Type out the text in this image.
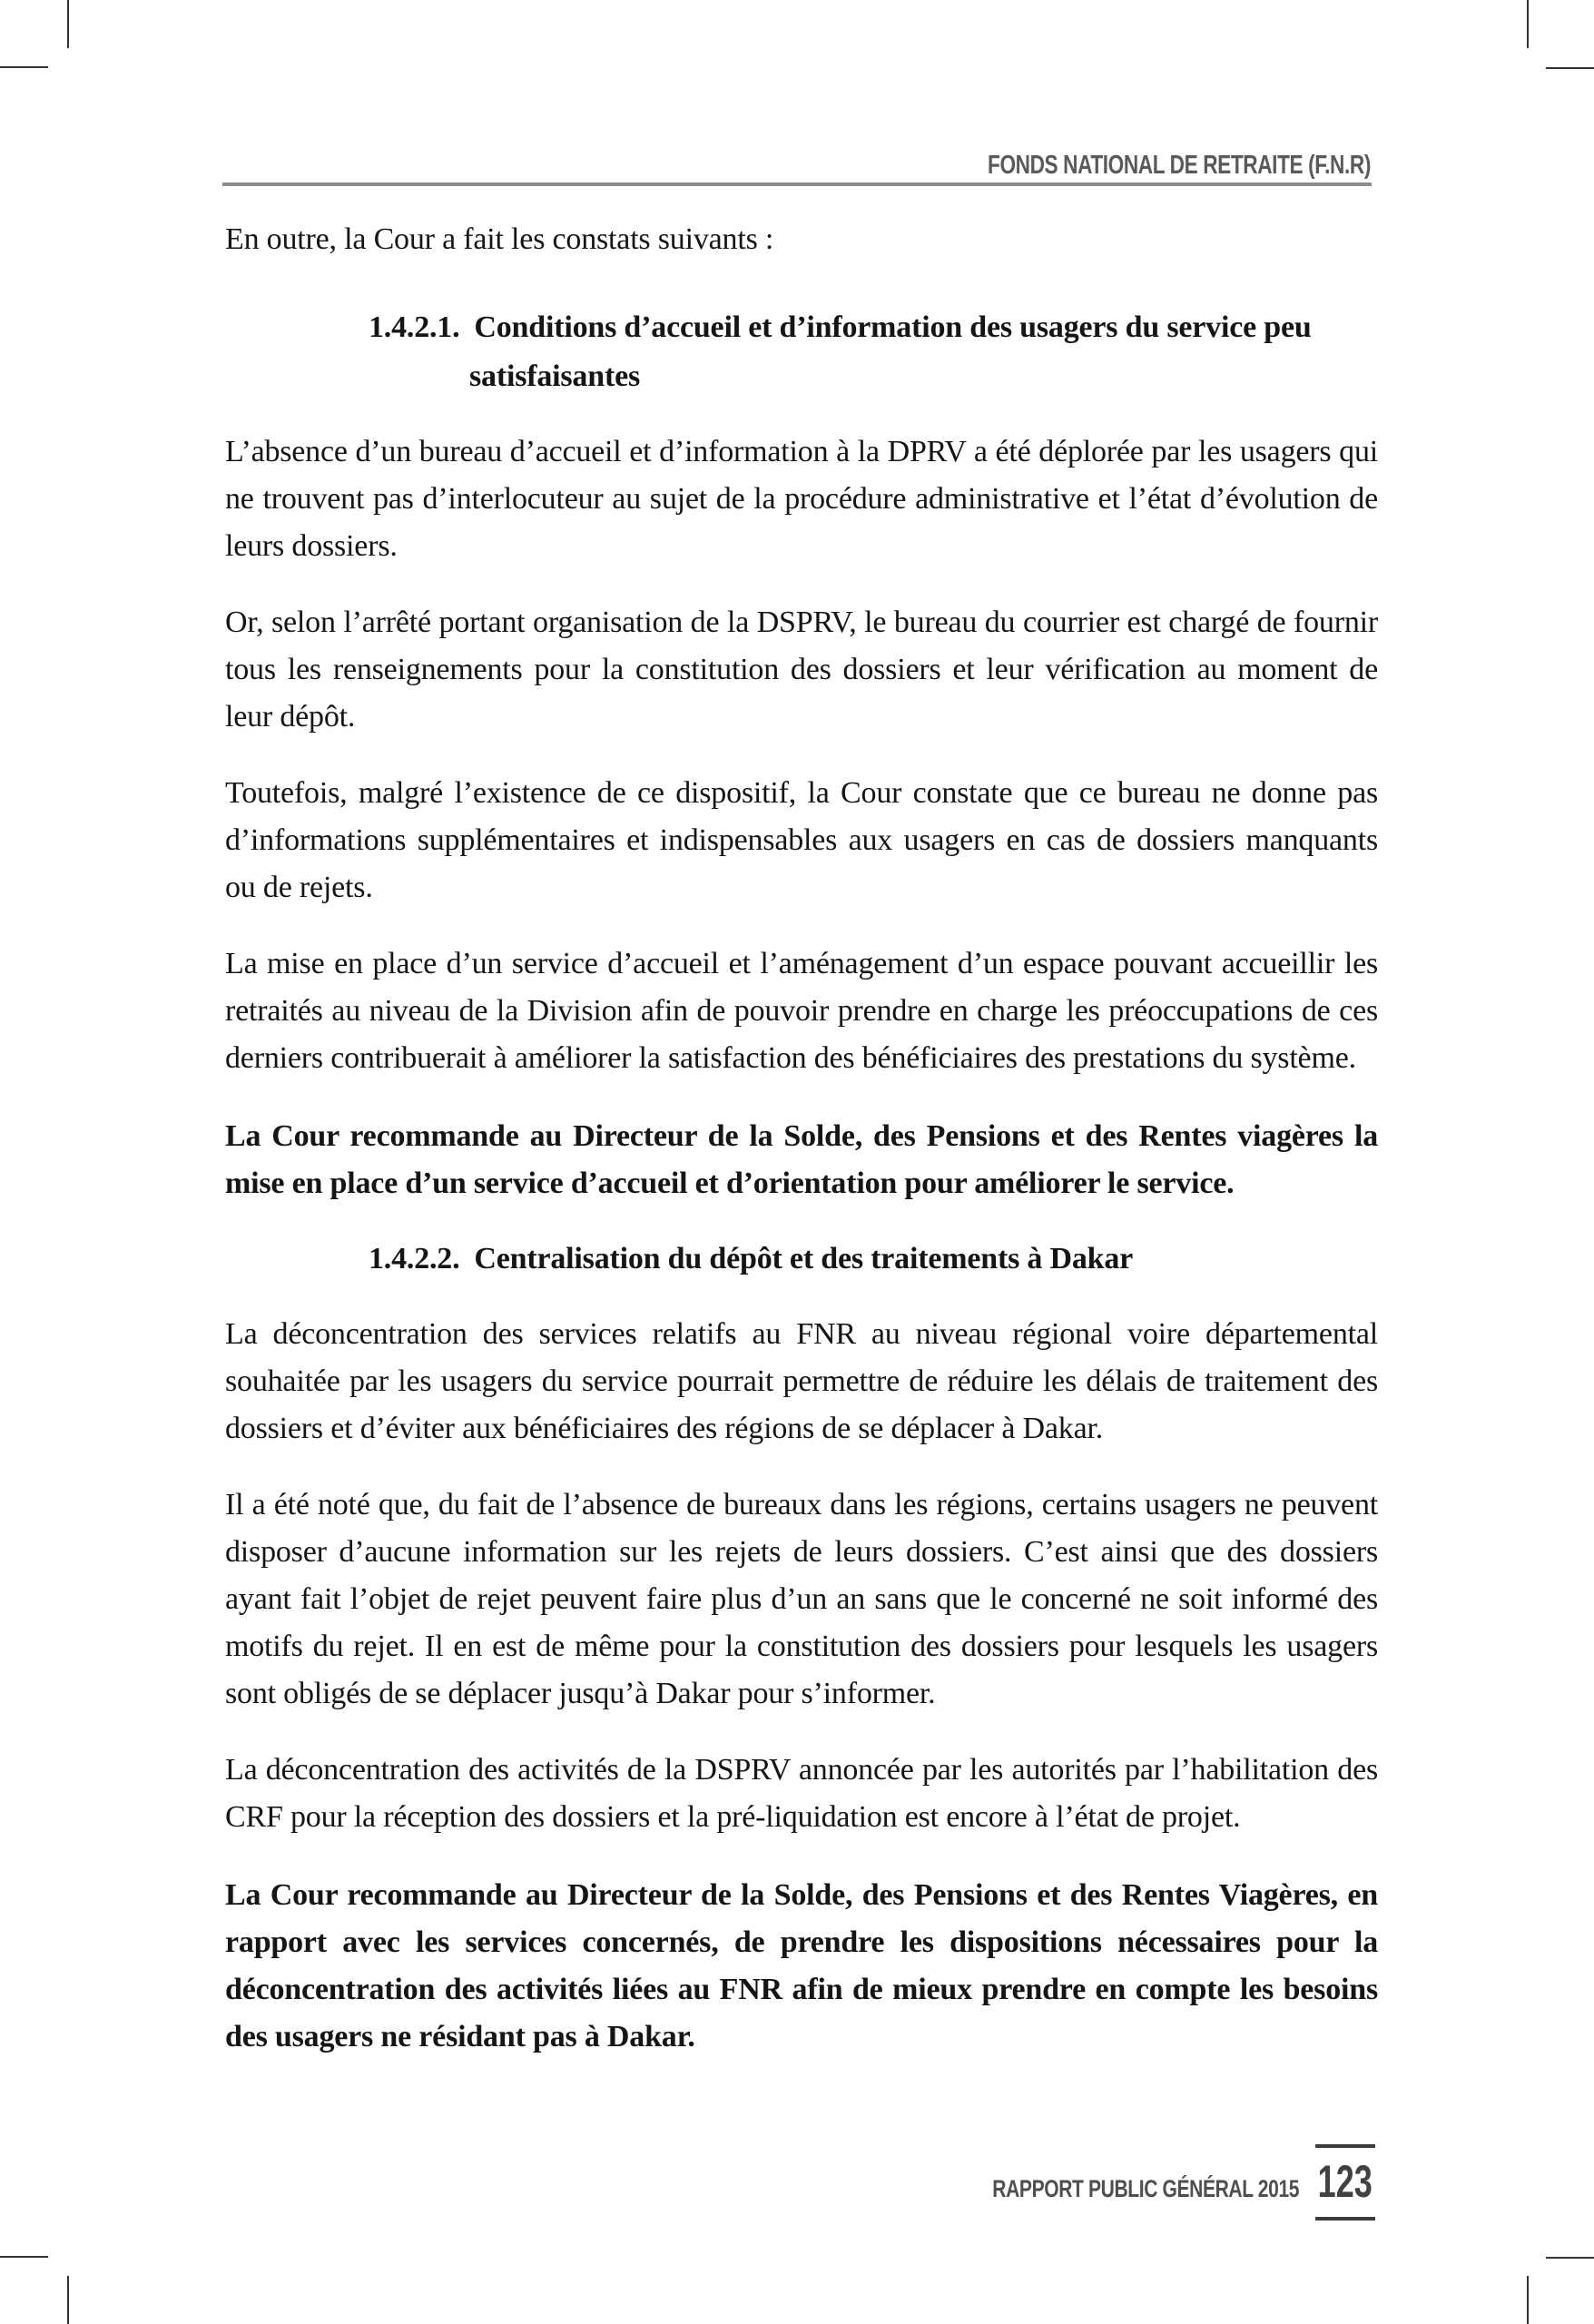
FONDS NATIONAL DE RETRAITE (F.N.R)

En outre, la Cour a fait les constats suivants :

1.4.2.1. Conditions d’accueil et d’information des usagers du service peu satisfaisantes

L’absence d’un bureau d’accueil et d’information à la DPRV a été déplorée par les usagers qui ne trouvent pas d’interlocuteur au sujet de la procédure administrative et l’état d’évolution de leurs dossiers.

Or, selon l’arrêté portant organisation de la DSPRV, le bureau du courrier est chargé de fournir tous les renseignements pour la constitution des dossiers et leur vérification au moment de leur dépôt.

Toutefois, malgré l’existence de ce dispositif, la Cour constate que ce bureau ne donne pas d’informations supplémentaires et indispensables aux usagers en cas de dossiers manquants ou de rejets.

La mise en place d’un service d’accueil et l’aménagement d’un espace pouvant accueillir les retraités au niveau de la Division afin de pouvoir prendre en charge les préoccupations de ces derniers contribuerait à améliorer la satisfaction des bénéficiaires des prestations du système.

La Cour recommande au Directeur de la Solde, des Pensions et des Rentes viagères la mise en place d’un service d’accueil et d’orientation pour améliorer le service.

1.4.2.2. Centralisation du dépôt et des traitements à Dakar

La déconcentration des services relatifs au FNR au niveau régional voire départemental souhaitée par les usagers du service pourrait permettre de réduire les délais de traitement des dossiers et d’éviter aux bénéficiaires des régions de se déplacer à Dakar.

Il a été noté que, du fait de l’absence de bureaux dans les régions, certains usagers ne peuvent disposer d’aucune information sur les rejets de leurs dossiers. C’est ainsi que des dossiers ayant fait l’objet de rejet peuvent faire plus d’un an sans que le concerné ne soit informé des motifs du rejet. Il en est de même pour la constitution des dossiers pour lesquels les usagers sont obligés de se déplacer jusqu’à Dakar pour s’informer.

La déconcentration des activités de la DSPRV annoncée par les autorités par l’habilitation des CRF pour la réception des dossiers et la pré-liquidation est encore à l’état de projet.

La Cour recommande au Directeur de la Solde, des Pensions et des Rentes Viagères, en rapport avec les services concernés, de prendre les dispositions nécessaires pour la déconcentration des activités liées au FNR afin de mieux prendre en compte les besoins des usagers ne résidant pas à Dakar.

RAPPORT PUBLIC GÉNÉRAL 2015 123
